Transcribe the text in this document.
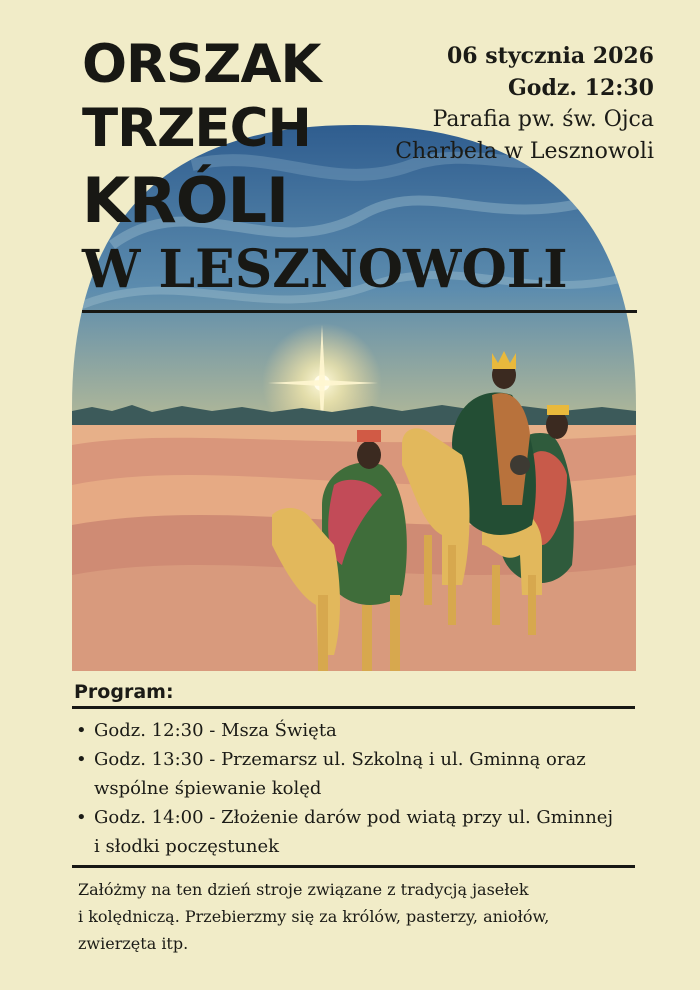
ORSZAK
TRZECH
KRÓLI
W LESZNOWOLI
06 stycznia 2026
Godz. 12:30
Parafia pw. św. Ojca
Charbela w Lesznowoli
Program:
• Godz. 12:30 - Msza Święta
• Godz. 13:30 - Przemarsz ul. Szkolną i ul. Gminną oraz
wspólne śpiewanie kolęd
• Godz. 14:00 - Złożenie darów pod wiatą przy ul. Gminnej
i słodki poczęstunek

Załóżmy na ten dzień stroje związane z tradycją jasełek
i kolędniczą. Przebierzmy się za królów, pasterzy, aniołów,
zwierzęta itp.
